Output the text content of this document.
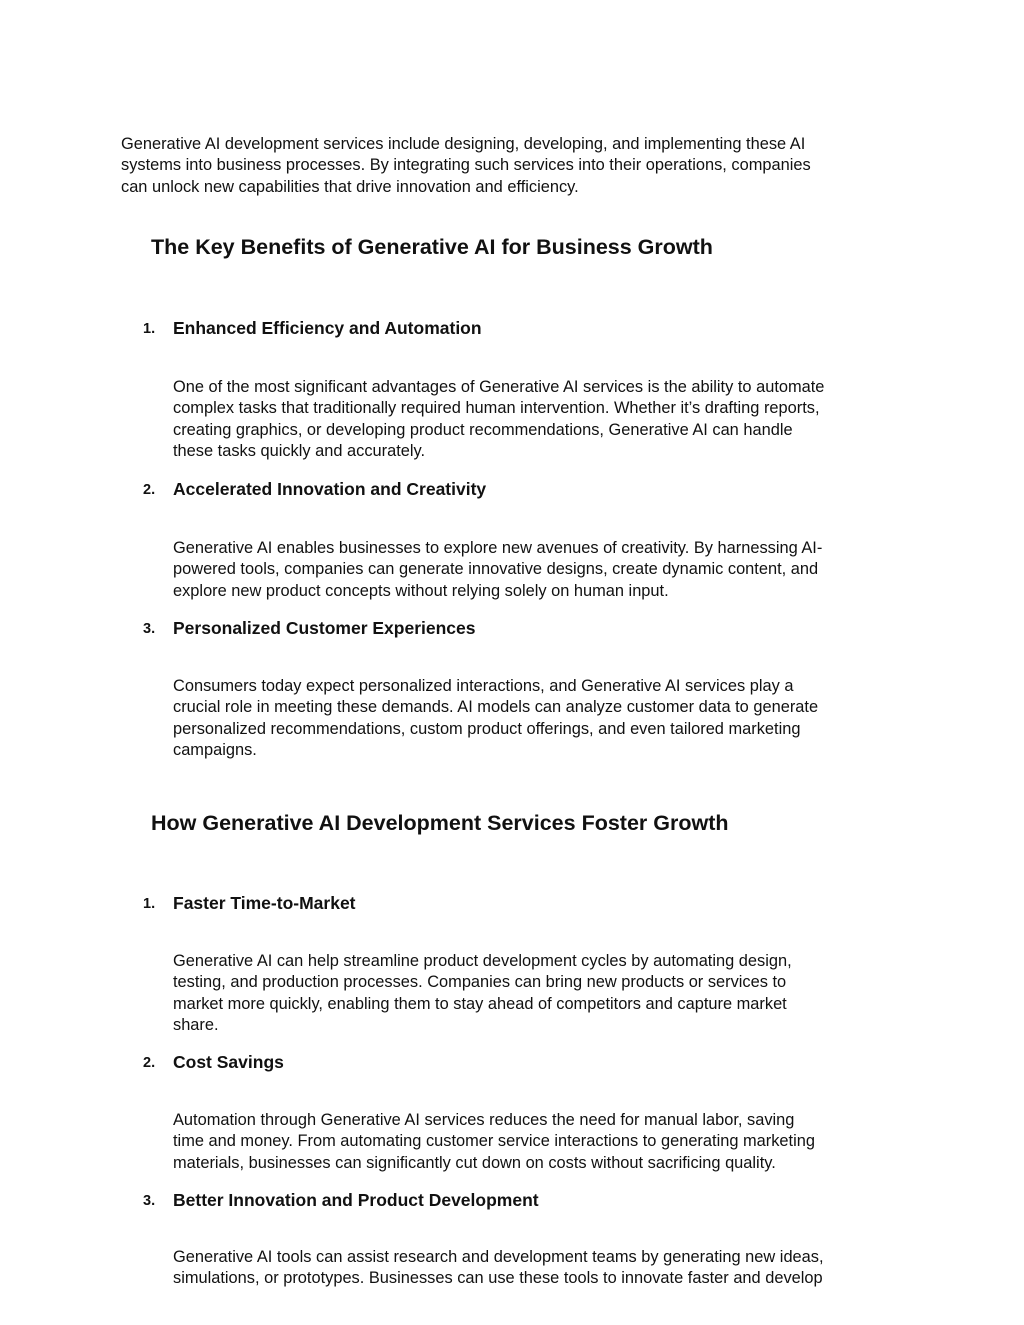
Generative AI development services include designing, developing, and implementing these AI
systems into business processes. By integrating such services into their operations, companies
can unlock new capabilities that drive innovation and efficiency.

The Key Benefits of Generative AI for Business Growth
1. Enhanced Efficiency and Automation

One of the most significant advantages of Generative AI services is the ability to automate
complex tasks that traditionally required human intervention. Whether it’s drafting reports,
creating graphics, or developing product recommendations, Generative AI can handle
these tasks quickly and accurately.

2. Accelerated Innovation and Creativity

Generative AI enables businesses to explore new avenues of creativity. By harnessing AI-
powered tools, companies can generate innovative designs, create dynamic content, and
explore new product concepts without relying solely on human input.

3. Personalized Customer Experiences

Consumers today expect personalized interactions, and Generative AI services play a
crucial role in meeting these demands. AI models can analyze customer data to generate
personalized recommendations, custom product offerings, and even tailored marketing
campaigns.

How Generative AI Development Services Foster Growth
1. Faster Time-to-Market

Generative AI can help streamline product development cycles by automating design,
testing, and production processes. Companies can bring new products or services to
market more quickly, enabling them to stay ahead of competitors and capture market
share.

2. Cost Savings

Automation through Generative AI services reduces the need for manual labor, saving
time and money. From automating customer service interactions to generating marketing
materials, businesses can significantly cut down on costs without sacrificing quality.

3. Better Innovation and Product Development

Generative AI tools can assist research and development teams by generating new ideas,
simulations, or prototypes. Businesses can use these tools to innovate faster and develop
